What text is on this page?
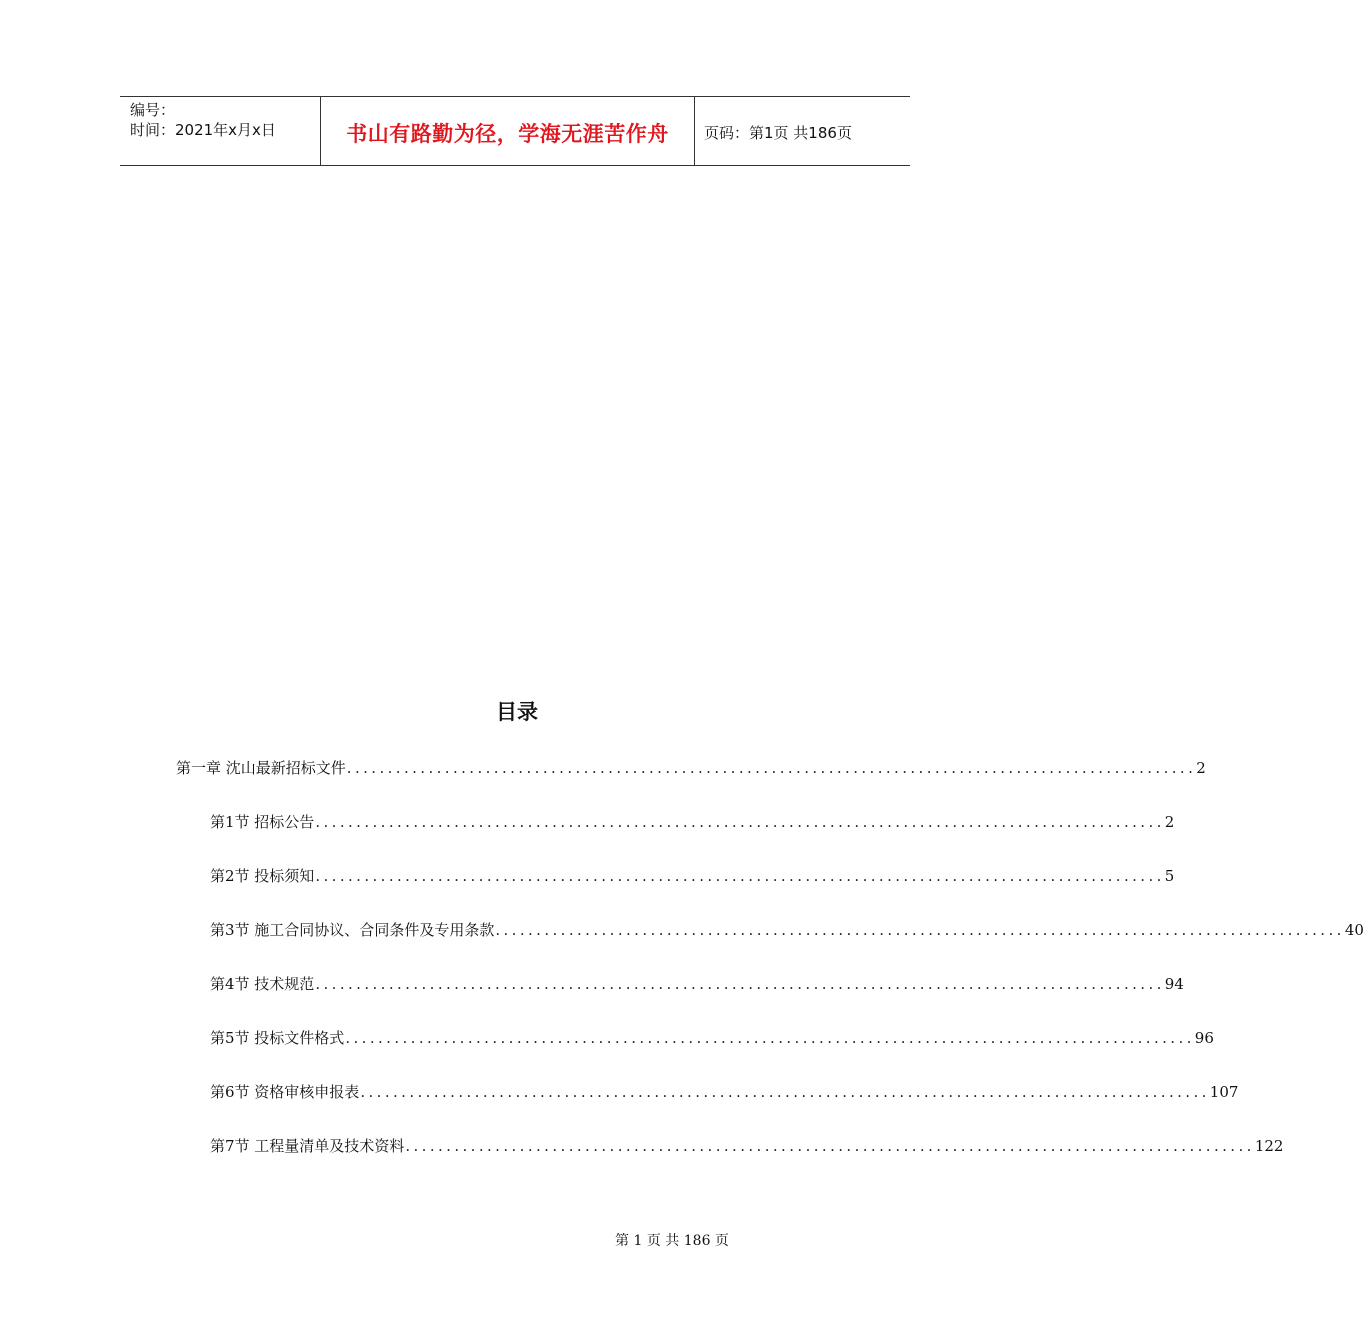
编号：
时间：2021年x月x日	书山有路勤为径，学海无涯苦作舟	页码：第1页 共186页
目录
第一章 沈山最新招标文件 ........................................................................................................ 2
第1节 招标公告 ........................................................................................................ 2
第2节 投标须知 ........................................................................................................ 5
第3节 施工合同协议、合同条件及专用条款 ........................................................................................................ 40
第4节 技术规范 ........................................................................................................ 94
第5节 投标文件格式 ........................................................................................................ 96
第6节 资格审核申报表 ........................................................................................................ 107
第7节 工程量清单及技术资料 ........................................................................................................ 122
第 1 页 共 186 页
